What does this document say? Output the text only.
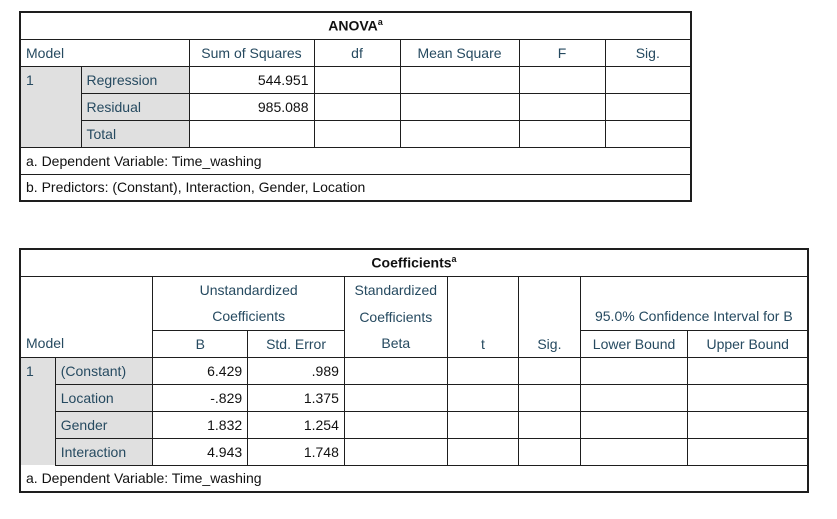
ANOVA$^a$
Model		Sum of Squares	df	Mean Square	F	Sig.
1	Regression	544.951				
	Residual	985.088				
	Total					
a. Dependent Variable: Time_washing						
b. Predictors: (Constant), Interaction, Gender, Location						
Coefficients$^a$
		Unstandardized		Standardized	t	Sig.		
		Coefficients		Coefficients			95.0% Confidence Interval for B	
Model		B	Std. Error	Beta			Lower Bound	Upper Bound
1	(Constant)	6.429	.989					
	Location	-.829	1.375					
	Gender	1.832	1.254					
	Interaction	4.943	1.748					
a. Dependent Variable: Time_washing								
